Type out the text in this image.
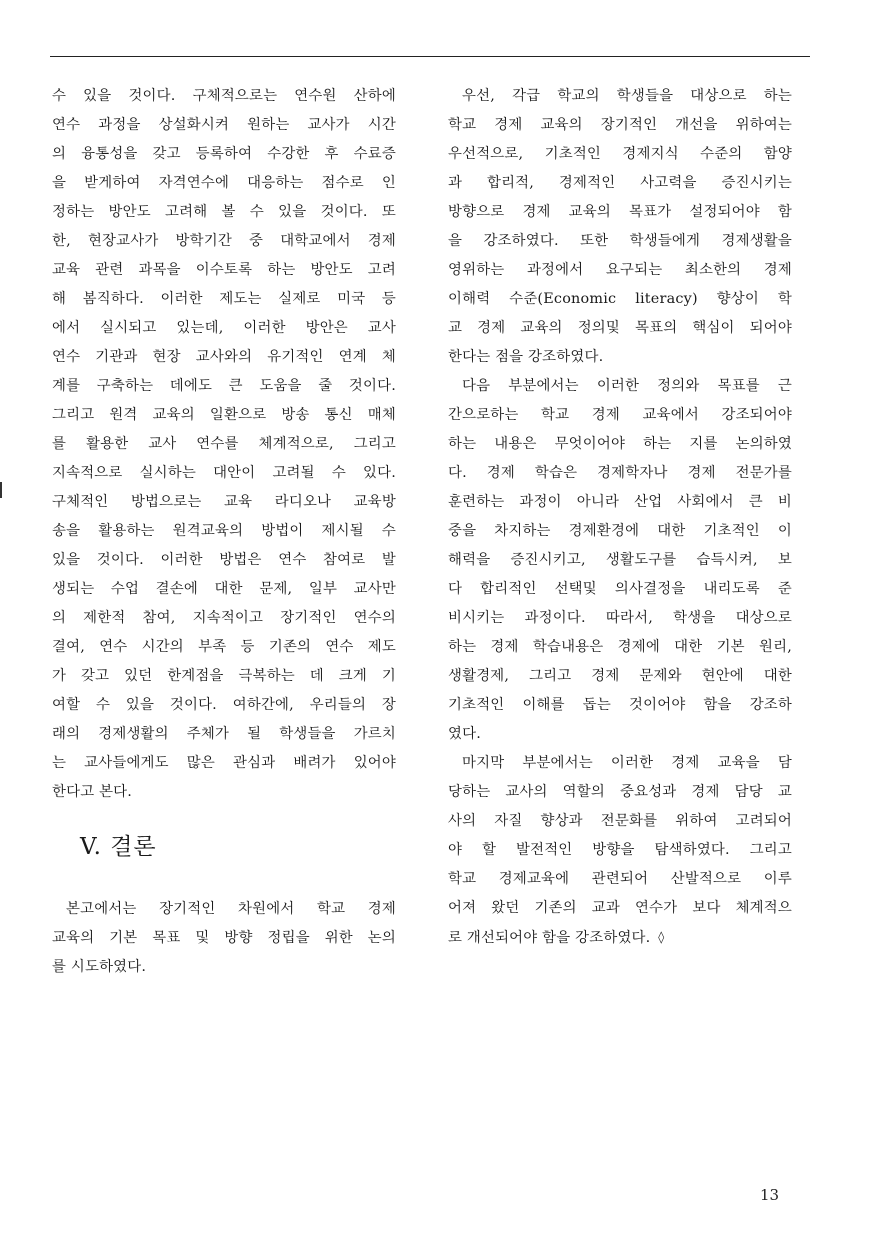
수 있을 것이다. 구체적으로는 연수원 산하에
연수 과정을 상설화시켜 원하는 교사가 시간
의 융통성을 갖고 등록하여 수강한 후 수료증
을 받게하여 자격연수에 대응하는 점수로 인
정하는 방안도 고려해 볼 수 있을 것이다. 또
한, 현장교사가 방학기간 중 대학교에서 경제
교육 관련 과목을 이수토록 하는 방안도 고려
해 봄직하다. 이러한 제도는 실제로 미국 등
에서 실시되고 있는데, 이러한 방안은 교사
연수 기관과 현장 교사와의 유기적인 연계 체
계를 구축하는 데에도 큰 도움을 줄 것이다.
그리고 원격 교육의 일환으로 방송 통신 매체
를 활용한 교사 연수를 체계적으로, 그리고
지속적으로 실시하는 대안이 고려될 수 있다.
구체적인 방법으로는 교육 라디오나 교육방
송을 활용하는 원격교육의 방법이 제시될 수
있을 것이다. 이러한 방법은 연수 참여로 발
생되는 수업 결손에 대한 문제, 일부 교사만
의 제한적 참여, 지속적이고 장기적인 연수의
결여, 연수 시간의 부족 등 기존의 연수 제도
가 갖고 있던 한계점을 극복하는 데 크게 기
여할 수 있을 것이다. 여하간에, 우리들의 장
래의 경제생활의 주체가 될 학생들을 가르치
는 교사들에게도 많은 관심과 배려가 있어야
한다고 본다.
V. 결론
본고에서는 장기적인 차원에서 학교 경제
교육의 기본 목표 및 방향 정립을 위한 논의
를 시도하였다.
우선, 각급 학교의 학생들을 대상으로 하는
학교 경제 교육의 장기적인 개선을 위하여는
우선적으로, 기초적인 경제지식 수준의 함양
과 합리적, 경제적인 사고력을 증진시키는
방향으로 경제 교육의 목표가 설정되어야 함
을 강조하였다. 또한 학생들에게 경제생활을
영위하는 과정에서 요구되는 최소한의 경제
이해력 수준(Economic literacy) 향상이 학
교 경제 교육의 정의및 목표의 핵심이 되어야
한다는 점을 강조하였다.
다음 부분에서는 이러한 정의와 목표를 근
간으로하는 학교 경제 교육에서 강조되어야
하는 내용은 무엇이어야 하는 지를 논의하였
다. 경제 학습은 경제학자나 경제 전문가를
훈련하는 과정이 아니라 산업 사회에서 큰 비
중을 차지하는 경제환경에 대한 기초적인 이
해력을 증진시키고, 생활도구를 습득시켜, 보
다 합리적인 선택및 의사결정을 내리도록 준
비시키는 과정이다. 따라서, 학생을 대상으로
하는 경제 학습내용은 경제에 대한 기본 원리,
생활경제, 그리고 경제 문제와 현안에 대한
기초적인 이해를 돕는 것이어야 함을 강조하
였다.
마지막 부분에서는 이러한 경제 교육을 담
당하는 교사의 역할의 중요성과 경제 담당 교
사의 자질 향상과 전문화를 위하여 고려되어
야 할 발전적인 방향을 탐색하였다. 그리고
학교 경제교육에 관련되어 산발적으로 이루
어져 왔던 기존의 교과 연수가 보다 체계적으
로 개선되어야 함을 강조하였다. ◊
13
